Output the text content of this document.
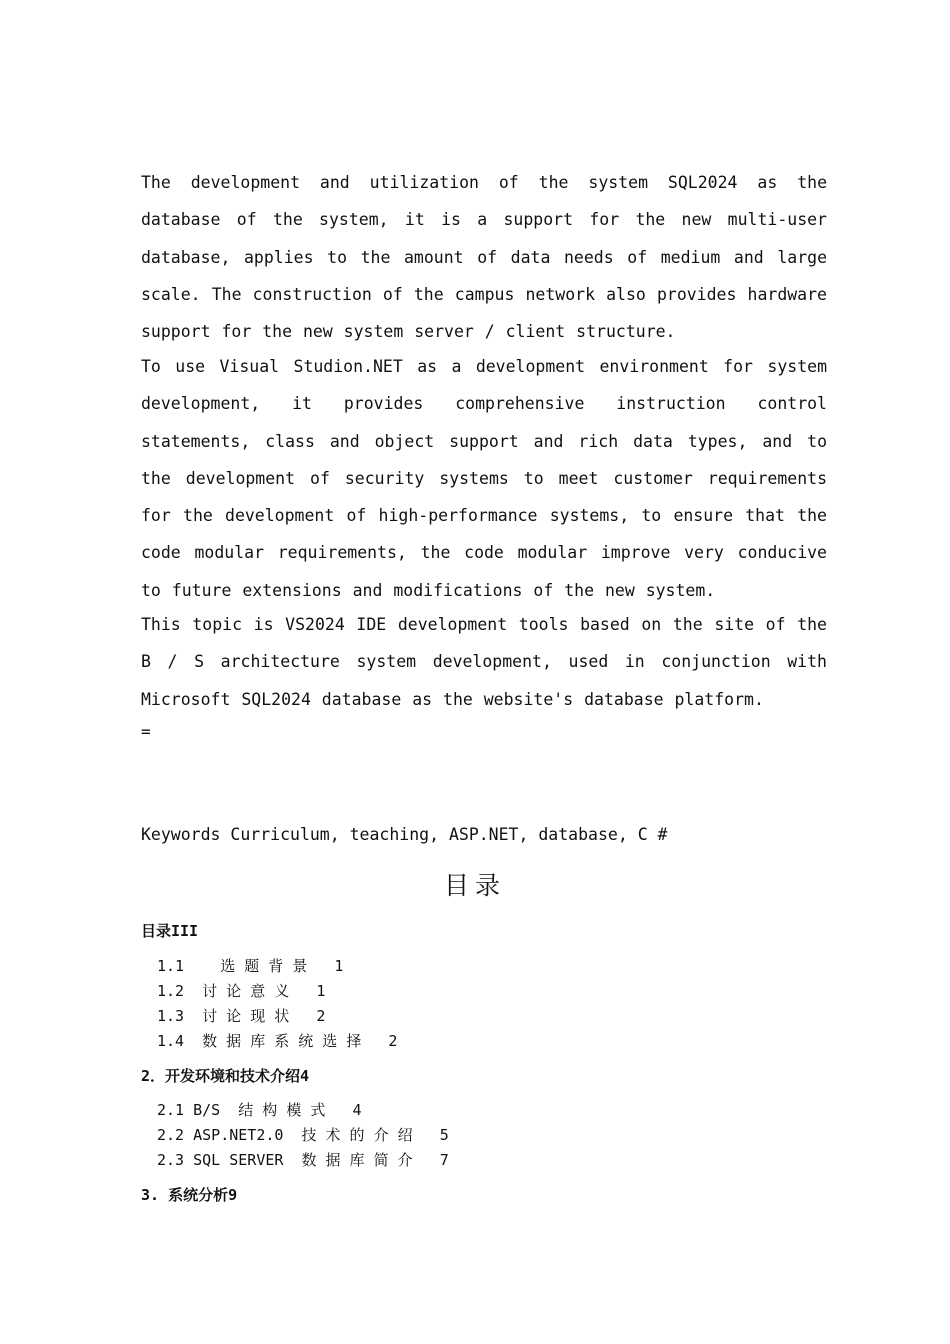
The development and utilization of the system SQL2024 as the database of the system, it is a support for the new multi-user database, applies to the amount of data needs of medium and large scale. The construction of the campus network also provides hardware support for the new system server / client structure.

To use Visual Studion.NET as a development environment for system development, it provides comprehensive instruction control statements, class and object support and rich data types, and to the development of security systems to meet customer requirements for the development of high-performance systems, to ensure that the code modular requirements, the code modular improve very conducive to future extensions and modifications of the new system.

This topic is VS2024 IDE development tools based on the site of the B / S architecture system development, used in conjunction with Microsoft SQL2024 database as the website's database platform.

=

Keywords Curriculum, teaching, ASP.NET, database, C #

目录

目录III

1.1    选 题 背 景   1

1.2  讨 论 意 义   1

1.3  讨 论 现 状   2

1.4  数 据 库 系 统 选 择   2

2．开发环境和技术介绍4

2.1 B/S  结 构 模 式   4

2.2 ASP.NET2.0  技 术 的 介 绍   5

2.3 SQL SERVER  数 据 库 简 介   7

3. 系统分析9
